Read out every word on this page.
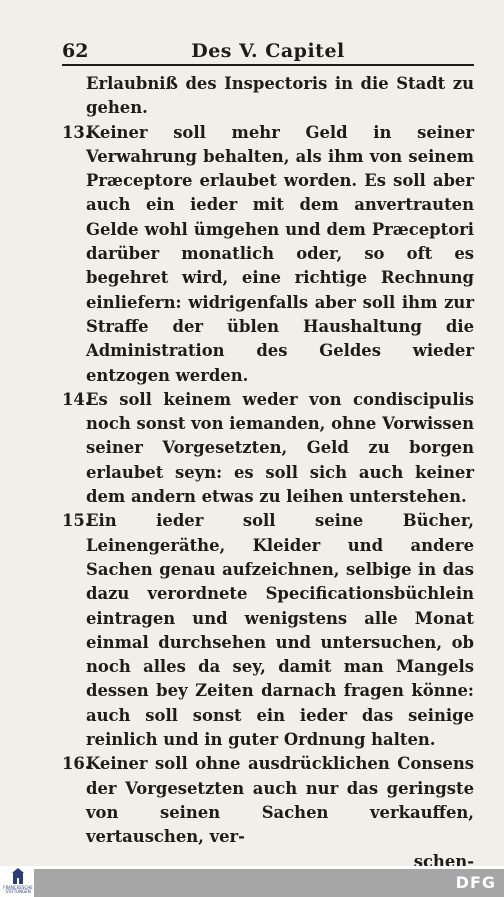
62	Des V. Capitel

Erlaubniß des Inspectoris in die Stadt zu gehen.

13.
Keiner soll mehr Geld in seiner Verwahrung behalten, als ihm von seinem Præceptore erlaubet worden. Es soll aber auch ein ieder mit dem anvertrauten Gelde wohl ümgehen und dem Præceptori darüber monatlich oder, so oft es begehret wird, eine richtige Rechnung einliefern: widrigenfalls aber soll ihm zur Straffe der üblen Haushaltung die Administration des Geldes wieder entzogen werden.

14.
Es soll keinem weder von condiscipulis noch sonst von iemanden, ohne Vorwissen seiner Vorgesetzten, Geld zu borgen erlaubet seyn: es soll sich auch keiner dem andern etwas zu leihen unterstehen.

15.
Ein ieder soll seine Bücher, Leinengeräthe, Kleider und andere Sachen genau aufzeichnen, selbige in das dazu verordnete Specificationsbüchlein eintragen und wenigstens alle Monat einmal durchsehen und untersuchen, ob noch alles da sey, damit man Mangels dessen bey Zeiten darnach fragen könne: auch soll sonst ein ieder das seinige reinlich und in guter Ordnung halten.

16.
Keiner soll ohne ausdrücklichen Consens der Vorgesetzten auch nur das geringste von seinen Sachen verkauffen, vertauschen, ver-

schen-

FRANCKESCHE STIFTUNGEN	DFG
